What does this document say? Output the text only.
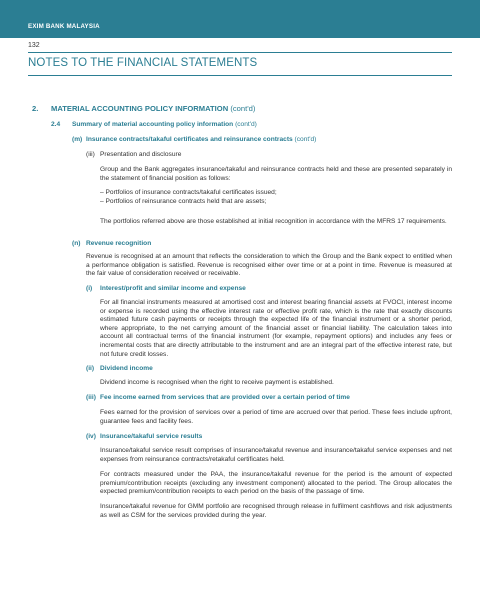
EXIM BANK MALAYSIA
132
NOTES TO THE FINANCIAL STATEMENTS
2. MATERIAL ACCOUNTING POLICY INFORMATION (cont'd)
2.4 Summary of material accounting policy information (cont'd)
(m) Insurance contracts/takaful certificates and reinsurance contracts (cont'd)
(iii) Presentation and disclosure
Group and the Bank aggregates insurance/takaful and reinsurance contracts held and these are presented separately in the statement of financial position as follows:
– Portfolios of insurance contracts/takaful certificates issued;
– Portfolios of reinsurance contracts held that are assets;
The portfolios referred above are those established at initial recognition in accordance with the MFRS 17 requirements.
(n) Revenue recognition
Revenue is recognised at an amount that reflects the consideration to which the Group and the Bank expect to entitled when a performance obligation is satisfied. Revenue is recognised either over time or at a point in time. Revenue is measured at the fair value of consideration received or receivable.
(i) Interest/profit and similar income and expense
For all financial instruments measured at amortised cost and interest bearing financial assets at FVOCI, interest income or expense is recorded using the effective interest rate or effective profit rate, which is the rate that exactly discounts estimated future cash payments or receipts through the expected life of the financial instrument or a shorter period, where appropriate, to the net carrying amount of the financial asset or financial liability. The calculation takes into account all contractual terms of the financial instrument (for example, repayment options) and includes any fees or incremental costs that are directly attributable to the instrument and are an integral part of the effective interest rate, but not future credit losses.
(ii) Dividend income
Dividend income is recognised when the right to receive payment is established.
(iii) Fee income earned from services that are provided over a certain period of time
Fees earned for the provision of services over a period of time are accrued over that period. These fees include upfront, guarantee fees and facility fees.
(iv) Insurance/takaful service results
Insurance/takaful service result comprises of insurance/takaful revenue and insurance/takaful service expenses and net expenses from reinsurance contracts/retakaful certificates held.
For contracts measured under the PAA, the insurance/takaful revenue for the period is the amount of expected premium/contribution receipts (excluding any investment component) allocated to the period. The Group allocates the expected premium/contribution receipts to each period on the basis of the passage of time.
Insurance/takaful revenue for GMM portfolio are recognised through release in fulfilment cashflows and risk adjustments as well as CSM for the services provided during the year.
